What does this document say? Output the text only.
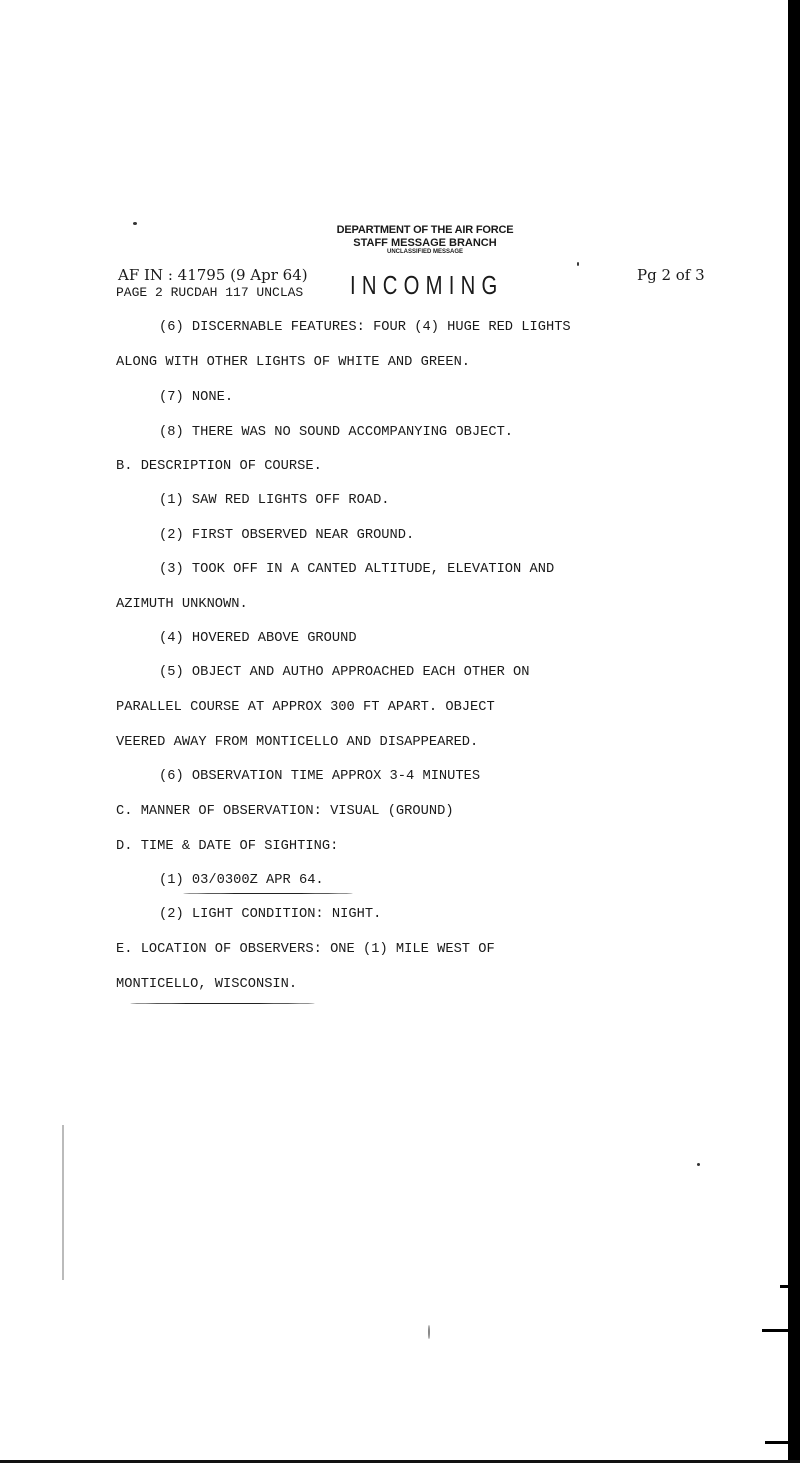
DEPARTMENT OF THE AIR FORCE
STAFF MESSAGE BRANCH
UNCLASSIFIED MESSAGE
AF IN : 41795 (9 Apr 64)
PAGE 2 RUCDAH 117 UNCLAS INCOMING	Pg 2 of 3
(6) DISCERNABLE FEATURES: FOUR (4) HUGE RED LIGHTS
ALONG WITH OTHER LIGHTS OF WHITE AND GREEN.
(7) NONE.
(8) THERE WAS NO SOUND ACCOMPANYING OBJECT.
B. DESCRIPTION OF COURSE.
(1) SAW RED LIGHTS OFF ROAD.
(2) FIRST OBSERVED NEAR GROUND.
(3) TOOK OFF IN A CANTED ALTITUDE, ELEVATION AND
AZIMUTH UNKNOWN.
(4) HOVERED ABOVE GROUND
(5) OBJECT AND AUTHO APPROACHED EACH OTHER ON
PARALLEL COURSE AT APPROX 300 FT APART. OBJECT
VEERED AWAY FROM MONTICELLO AND DISAPPEARED.
(6) OBSERVATION TIME APPROX 3-4 MINUTES
C. MANNER OF OBSERVATION: VISUAL (GROUND)
D. TIME & DATE OF SIGHTING:
(1) 03/0300Z APR 64.
(2) LIGHT CONDITION: NIGHT.
E. LOCATION OF OBSERVERS: ONE (1) MILE WEST OF
MONTICELLO, WISCONSIN.
